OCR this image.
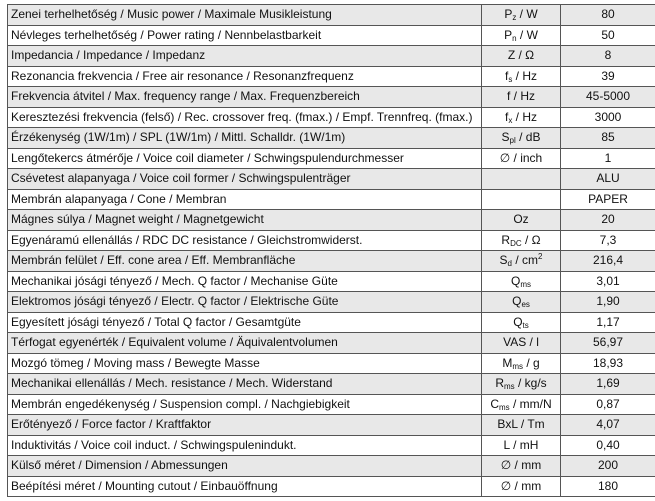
Zenei terhelhetőség / Music power / Maximale Musikleistung	$P_z$ / W	80
Névleges terhelhetőség / Power rating / Nennbelastbarkeit	$P_n$ / W	50
Impedancia / Impedance / Impedanz	Z / Ω	8
Rezonancia frekvencia / Free air resonance / Resonanzfrequenz	$f_s$ / Hz	39
Frekvencia átvitel / Max. frequency range / Max. Frequenzbereich	f / Hz	45-5000
Keresztezési frekvencia (felső) / Rec. crossover freq. (fmax.) / Empf. Trennfreq. (fmax.)	$f_x$ / Hz	3000
Érzékenység (1W/1m) / SPL (1W/1m) / Mittl. Schalldr. (1W/1m)	$S_{pl}$ / dB	85
Lengőtekercs átmérője / Voice coil diameter / Schwingspulendurchmesser	∅ / inch	1
Csévetest alapanyaga / Voice coil former / Schwingspulenträger		ALU
Membrán alapanyaga / Cone / Membran		PAPER
Mágnes súlya / Magnet weight / Magnetgewicht	Oz	20
Egyenáramú ellenállás / RDC DC resistance / Gleichstromwiderst.	$R_{DC}$ / Ω	7,3
Membrán felület / Eff. cone area / Eff. Membranfläche	$S_d / cm^2$	216,4
Mechanikai jósági tényező / Mech. Q factor / Mechanise Güte	$Q_{ms}$	3,01
Elektromos jósági tényező / Electr. Q factor / Elektrische Güte	$Q_{es}$	1,90
Egyesített jósági tényező / Total Q factor / Gesamtgüte	$Q_{ts}$	1,17
Térfogat egyenérték / Equivalent volume / Äquivalentvolumen	VAS / l	56,97
Mozgó tömeg / Moving mass / Bewegte Masse	$M_{ms}$ / g	18,93
Mechanikai ellenállás / Mech. resistance / Mech. Widerstand	$R_{ms} / kg/s$	1,69
Membrán engedékenység / Suspension compl. / Nachgiebigkeit	$C_{ms} / mm/N$	0,87
Erőtényező / Force factor / Kraftfaktor	BxL / Tm	4,07
Induktivitás / Voice coil induct. / Schwingspulenindukt.	L / mH	0,40
Külső méret / Dimension / Abmessungen	∅ / mm	200
Beépítési méret / Mounting cutout / Einbauöffnung	∅ / mm	180
